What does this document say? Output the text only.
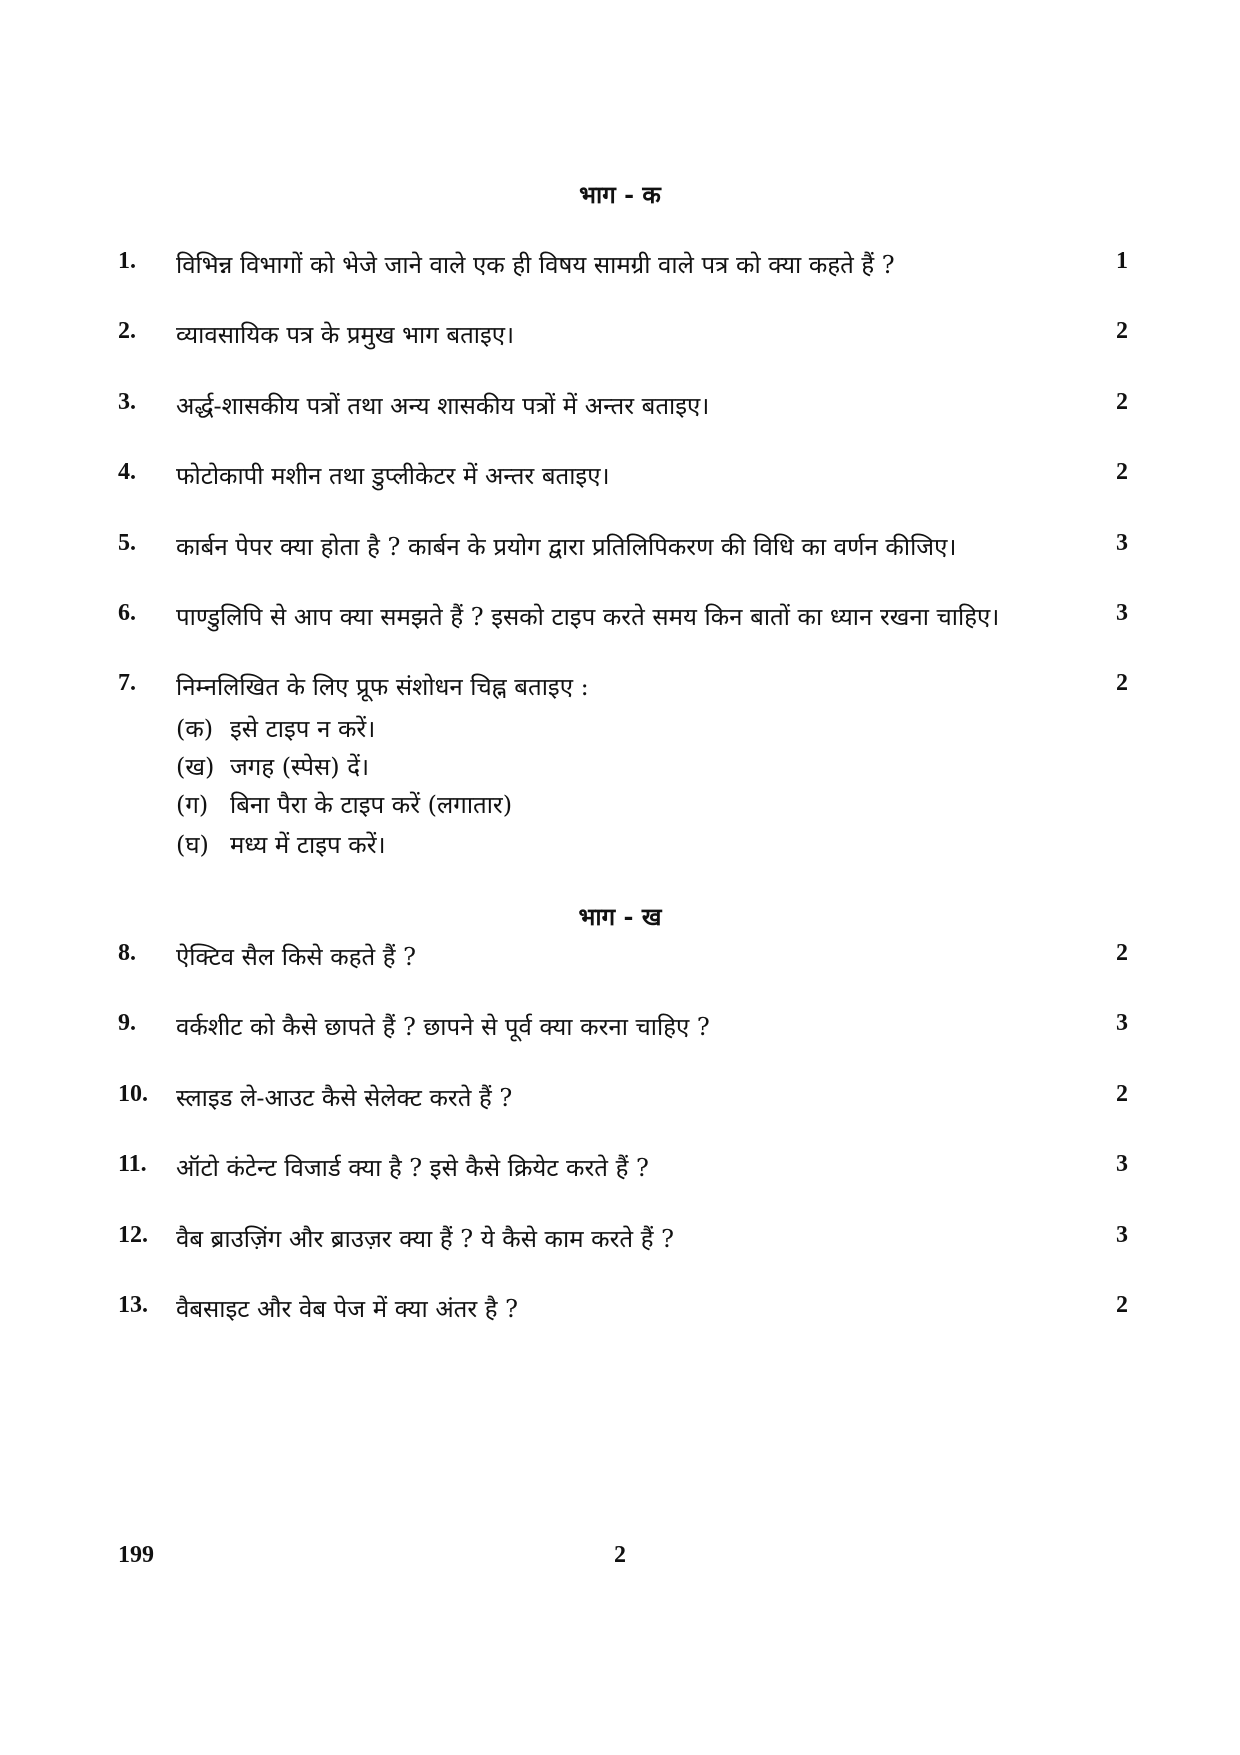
भाग - क
1. विभिन्न विभागों को भेजे जाने वाले एक ही विषय सामग्री वाले पत्र को क्या कहते हैं ?	1
2. व्यावसायिक पत्र के प्रमुख भाग बताइए।	2
3. अर्द्ध-शासकीय पत्रों तथा अन्य शासकीय पत्रों में अन्तर बताइए।	2
4. फोटोकापी मशीन तथा डुप्लीकेटर में अन्तर बताइए।	2
5. कार्बन पेपर क्या होता है ? कार्बन के प्रयोग द्वारा प्रतिलिपिकरण की विधि का वर्णन कीजिए।	3
6. पाण्डुलिपि से आप क्या समझते हैं ? इसको टाइप करते समय किन बातों का ध्यान रखना चाहिए।	3
7. निम्नलिखित के लिए प्रूफ संशोधन चिह्न बताइए :	2
(क) इसे टाइप न करें।
(ख) जगह (स्पेस) दें।
(ग) बिना पैरा के टाइप करें (लगातार)
(घ) मध्य में टाइप करें।
भाग - ख
8. ऐक्टिव सैल किसे कहते हैं ?	2
9. वर्कशीट को कैसे छापते हैं ? छापने से पूर्व क्या करना चाहिए ?	3
10. स्लाइड ले-आउट कैसे सेलेक्ट करते हैं ?	2
11. ऑटो कंटेन्ट विजार्ड क्या है ? इसे कैसे क्रियेट करते हैं ?	3
12. वैब ब्राउज़िंग और ब्राउज़र क्या हैं ? ये कैसे काम करते हैं ?	3
13. वैबसाइट और वेब पेज में क्या अंतर है ?	2
199	2
